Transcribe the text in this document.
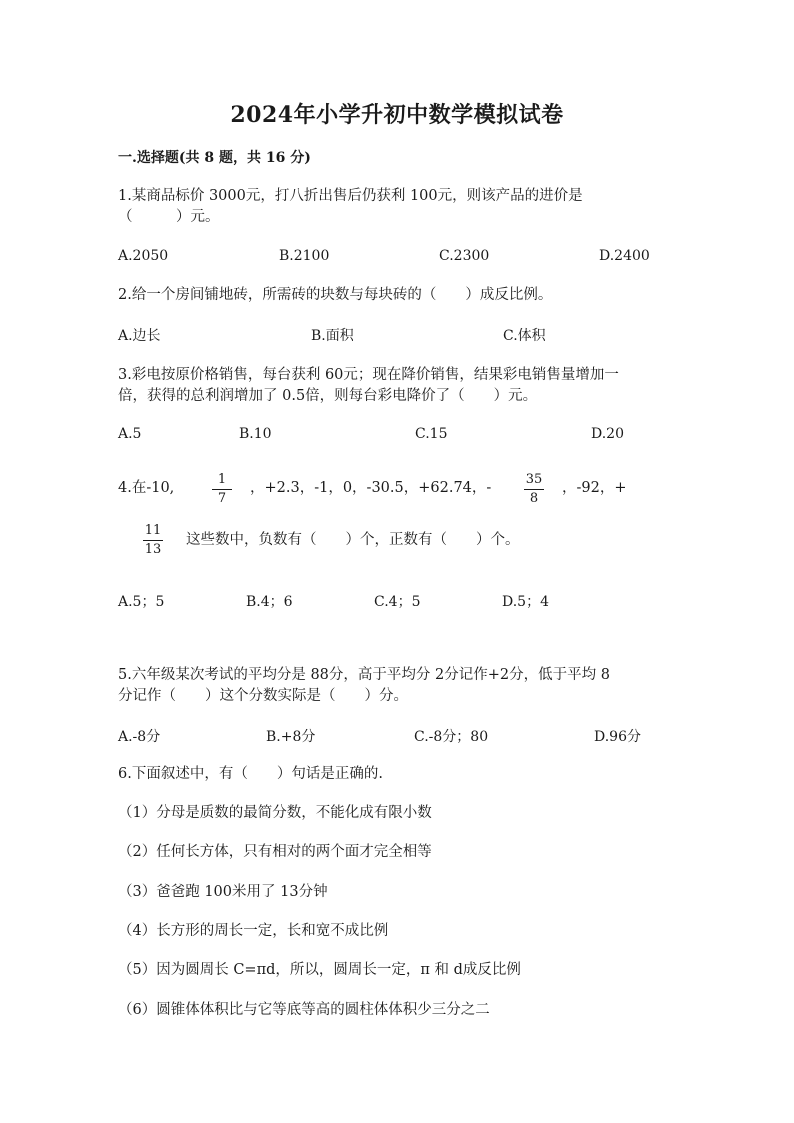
2024年小学升初中数学模拟试卷
一.选择题(共 8 题，共 16 分)
1.某商品标价 3000元，打八折出售后仍获利 100元，则该产品的进价是
（　　　）元。
A.2050	B.2100	C.2300	D.2400
2.给一个房间铺地砖，所需砖的块数与每块砖的（　　）成反比例。
A.边长	B.面积	C.体积
3.彩电按原价格销售，每台获利 60元；现在降价销售，结果彩电销售量增加一
倍，获得的总利润增加了 0.5倍，则每台彩电降价了（　　）元。
A.5	B.10	C.15	D.20
4.在-10,
1
7
，+2.3，-1，0，-30.5，+62.74，-
35
8
，-92，+
11
13
这些数中，负数有（　　）个，正数有（　　）个。
A.5；5	B.4；6	C.4；5	D.5；4
5.六年级某次考试的平均分是 88分，高于平均分 2分记作+2分，低于平均 8
分记作（　　）这个分数实际是（　　）分。
A.-8分	B.+8分	C.-8分；80	D.96分
6.下面叙述中，有（　　）句话是正确的.
（1）分母是质数的最简分数，不能化成有限小数
（2）任何长方体，只有相对的两个面才完全相等
（3）爸爸跑 100米用了 13分钟
（4）长方形的周长一定，长和宽不成比例
（5）因为圆周长 C=πd，所以，圆周长一定，π 和 d成反比例
（6）圆锥体体积比与它等底等高的圆柱体体积少三分之二
